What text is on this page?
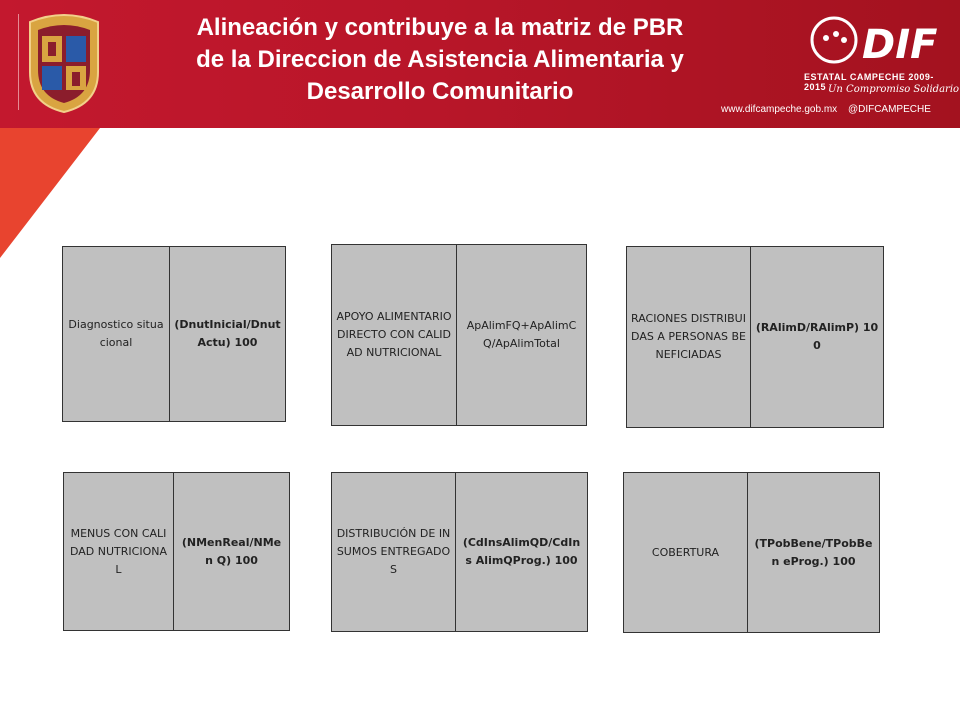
Alineación y contribuye a la matriz de PBR
de la Direccion de Asistencia Alimentaria y
Desarrollo Comunitario
DIF
ESTATAL CAMPECHE 2009-2015 Un Compromiso Solidario
www.difcampeche.gob.mx @DIFCAMPECHE
Diagnostico situacional
(DnutInicial/Dnut Actu) 100
APOYO ALIMENTARIO DIRECTO CON CALIDAD NUTRICIONAL
ApAlimFQ+ApAlimC Q/ApAlimTotal
RACIONES DISTRIBUIDAS A PERSONAS BENEFICIADAS
(RAlimD/RAlimP) 100
MENUS CON CALIDAD NUTRICIONAL
(NMenReal/NMen Q) 100
DISTRIBUCIÓN DE INSUMOS ENTREGADOS
(CdInsAlimQD/CdIns AlimQProg.) 100
COBERTURA
(TPobBene/TPobBen eProg.) 100
